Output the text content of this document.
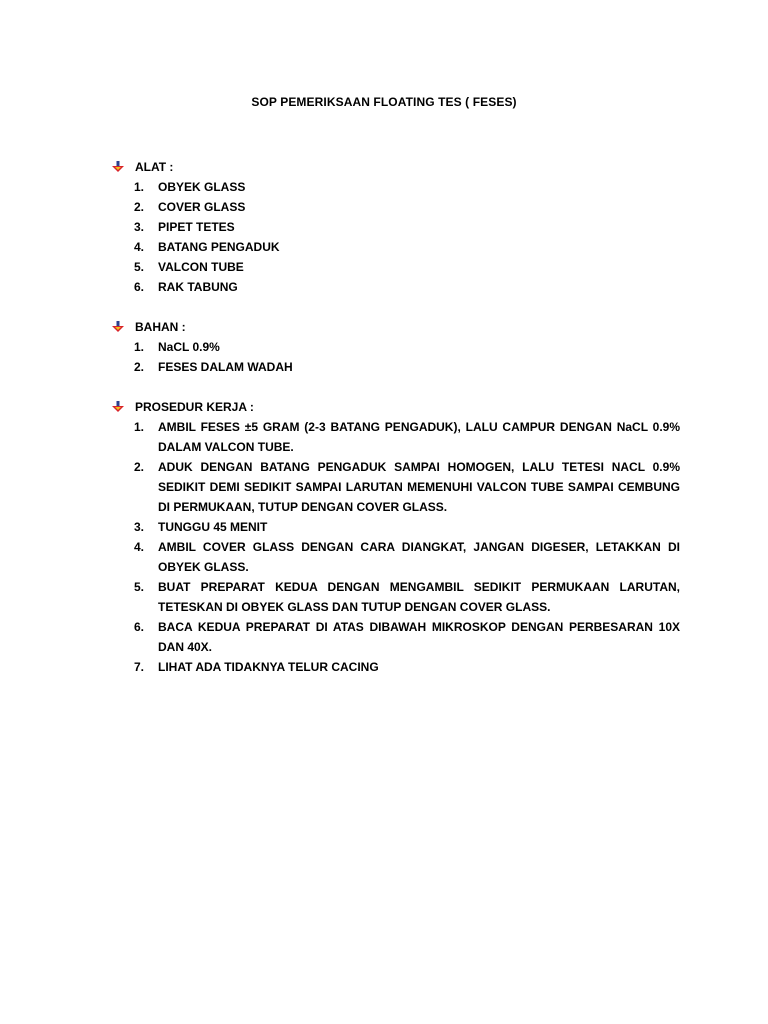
SOP PEMERIKSAAN FLOATING TES ( FESES)
ALAT :
1.	OBYEK GLASS
2.	COVER GLASS
3.	PIPET TETES
4.	BATANG PENGADUK
5.	VALCON TUBE
6.	RAK TABUNG
BAHAN :
1.	NaCL 0.9%
2.	FESES DALAM WADAH
PROSEDUR KERJA :
1.	AMBIL FESES ±5 GRAM (2-3 BATANG PENGADUK), LALU CAMPUR DENGAN NaCL 0.9% DALAM VALCON TUBE.
2.	ADUK DENGAN BATANG PENGADUK SAMPAI HOMOGEN, LALU TETESI NACL 0.9% SEDIKIT DEMI SEDIKIT SAMPAI LARUTAN MEMENUHI VALCON TUBE SAMPAI CEMBUNG DI PERMUKAAN, TUTUP DENGAN COVER GLASS.
3.	TUNGGU 45 MENIT
4.	AMBIL COVER GLASS DENGAN CARA DIANGKAT, JANGAN DIGESER, LETAKKAN DI OBYEK GLASS.
5.	BUAT PREPARAT KEDUA DENGAN MENGAMBIL SEDIKIT PERMUKAAN LARUTAN, TETESKAN DI OBYEK GLASS DAN TUTUP DENGAN COVER GLASS.
6.	BACA KEDUA PREPARAT DI ATAS DIBAWAH MIKROSKOP DENGAN PERBESARAN 10X DAN 40X.
7.	LIHAT ADA TIDAKNYA TELUR CACING
